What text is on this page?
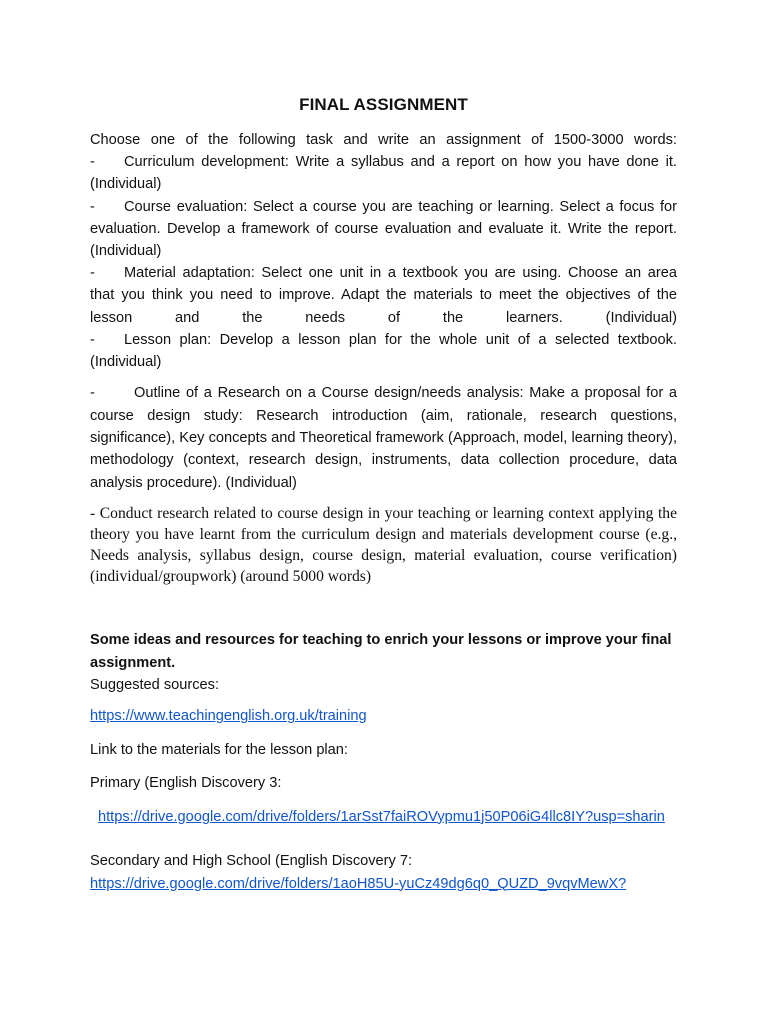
FINAL ASSIGNMENT
Choose one of the following task and write an assignment of 1500-3000 words:
- Curriculum development: Write a syllabus and a report on how you have done it.
(Individual)
- Course evaluation: Select a course you are teaching or learning. Select a focus for
evaluation. Develop a framework of course evaluation and evaluate it. Write the report.
(Individual)
- Material adaptation: Select one unit in a textbook you are using. Choose an area
that you think you need to improve. Adapt the materials to meet the objectives of the
lesson and the needs of the learners. (Individual)
- Lesson plan: Develop a lesson plan for the whole unit of a selected textbook.
(Individual)
-	Outline of a Research on a Course design/needs analysis: Make a proposal for a
course design study: Research introduction (aim, rationale, research questions, significance), Key concepts and Theoretical framework (Approach, model, learning theory), methodology (context, research design, instruments, data collection procedure, data analysis procedure). (Individual)
- Conduct research related to course design in your teaching or learning context applying the theory you have learnt from the curriculum design and materials development course (e.g., Needs analysis, syllabus design, course design, material evaluation, course verification) (individual/groupwork) (around 5000 words)
Some ideas and resources for teaching to enrich your lessons or improve your final assignment.
Suggested sources:
https://www.teachingenglish.org.uk/training
Link to the materials for the lesson plan:
Primary (English Discovery 3:
https://drive.google.com/drive/folders/1arSst7faiROVypmu1j50P06iG4llc8IY?usp=sharin
Secondary and High School (English Discovery 7: https://drive.google.com/drive/folders/1aoH85U-yuCz49dg6q0_QUZD_9vqvMewX?
